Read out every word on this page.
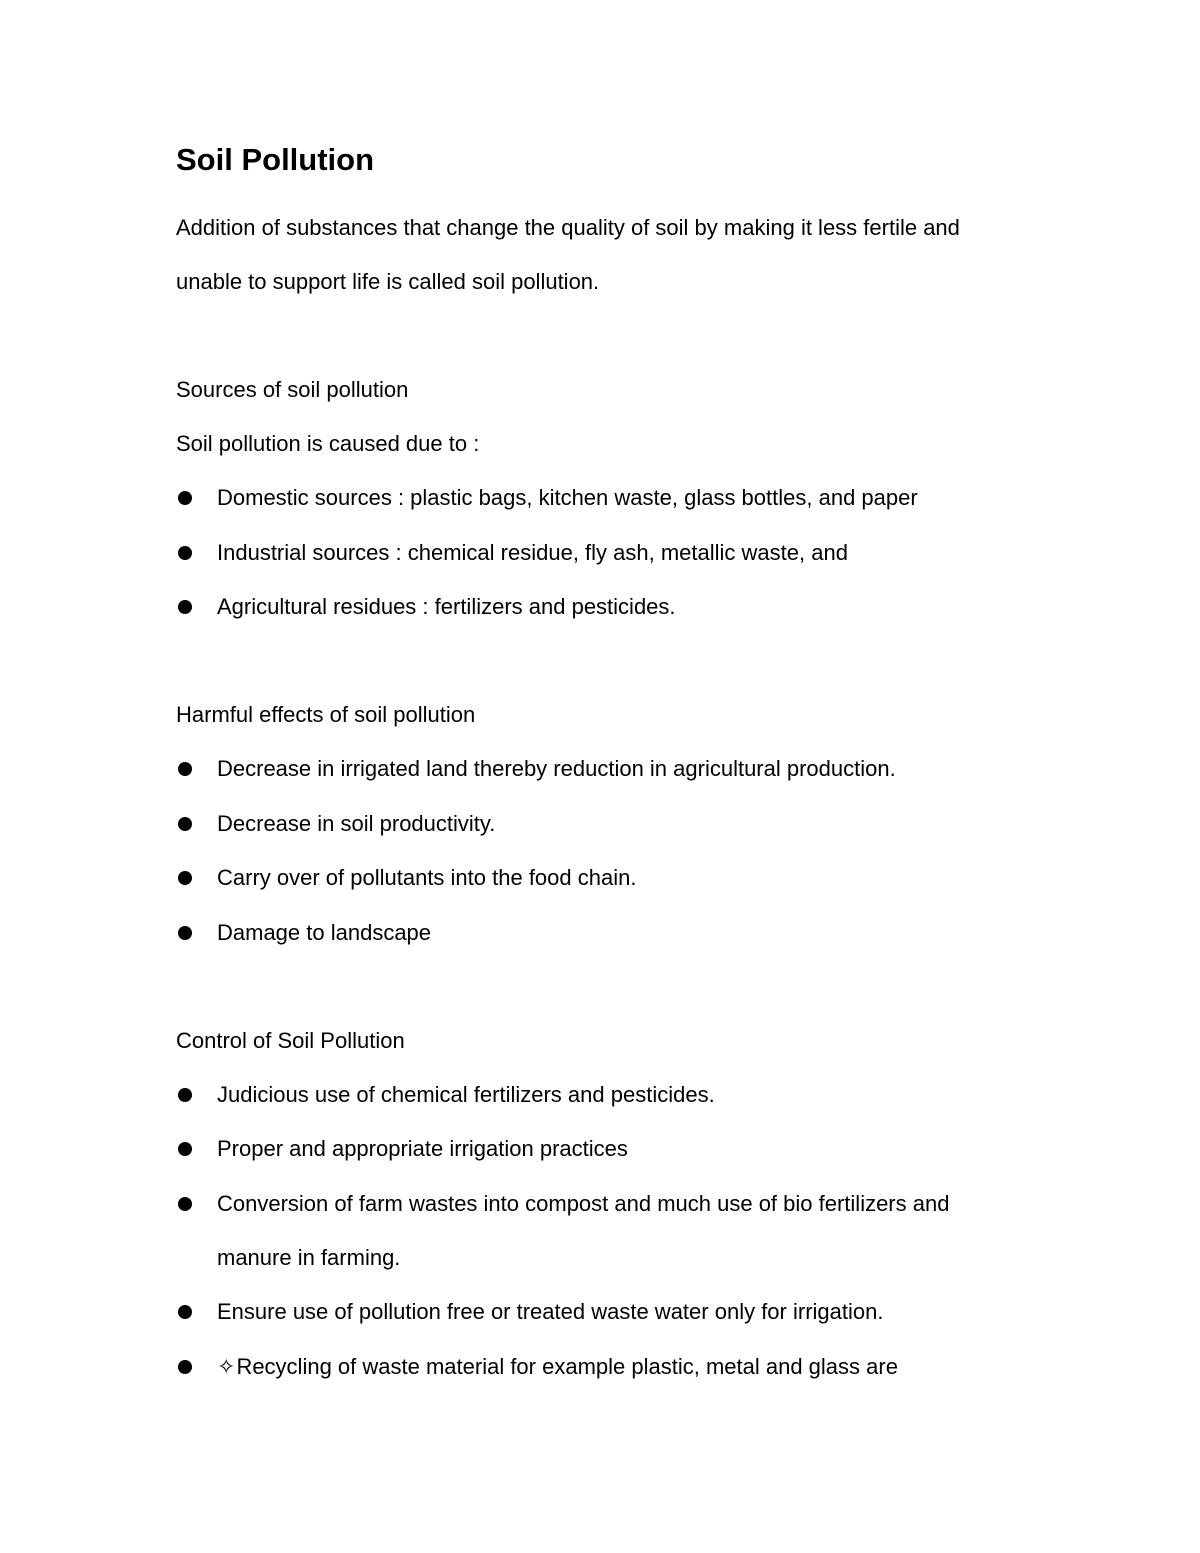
Soil Pollution
Addition of substances that change the quality of soil by making it less fertile and
unable to support life is called soil pollution.
Sources of soil pollution
Soil pollution is caused due to :
Domestic sources : plastic bags, kitchen waste, glass bottles, and paper
Industrial sources : chemical residue, fly ash, metallic waste, and
Agricultural residues : fertilizers and pesticides.
Harmful effects of soil pollution
Decrease in irrigated land thereby reduction in agricultural production.
Decrease in soil productivity.
Carry over of pollutants into the food chain.
Damage to landscape
Control of Soil Pollution
Judicious use of chemical fertilizers and pesticides.
Proper and appropriate irrigation practices
Conversion of farm wastes into compost and much use of bio fertilizers and
manure in farming.
Ensure use of pollution free or treated waste water only for irrigation.
✧Recycling of waste material for example plastic, metal and glass are
